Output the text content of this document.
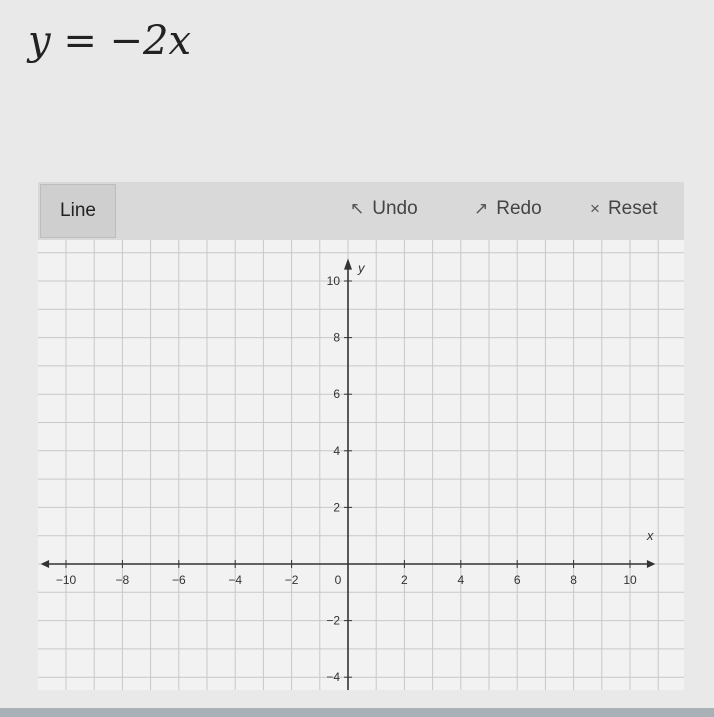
y = −2x
Line	↖ Undo	↗ Redo	× Reset
−10	−8	−6	−4	−2	0	2	4	6	8	10
10
8
6
4
2
−2
−4
x
y
